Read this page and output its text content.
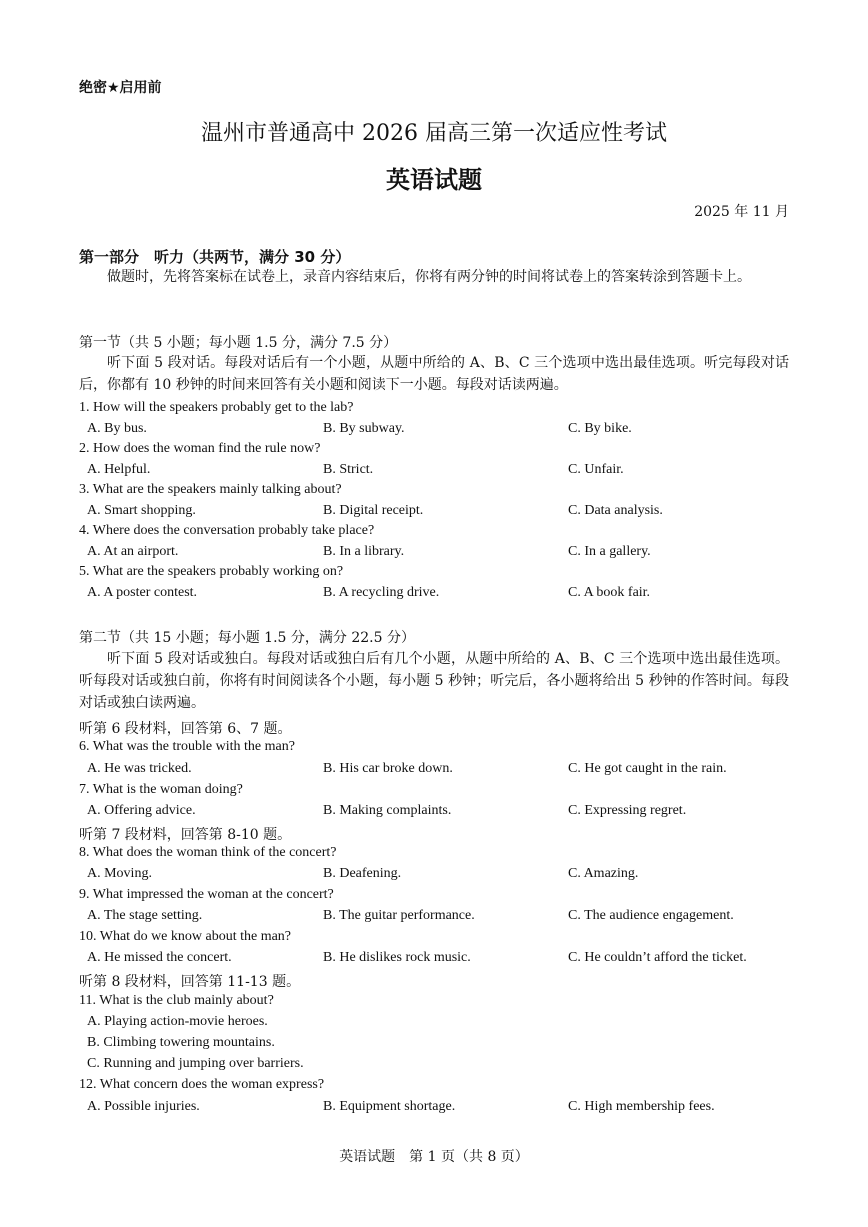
绝密★启用前
温州市普通高中 2026 届高三第一次适应性考试
英语试题
2025 年 11 月
第一部分　听力（共两节，满分 30 分）
做题时，先将答案标在试卷上，录音内容结束后，你将有两分钟的时间将试卷上的答案转涂到答题卡上。
第一节（共 5 小题；每小题 1.5 分，满分 7.5 分）
听下面 5 段对话。每段对话后有一个小题，从题中所给的 A、B、C 三个选项中选出最佳选项。听完每段对话后，你都有 10 秒钟的时间来回答有关小题和阅读下一小题。每段对话读两遍。
1. How will the speakers probably get to the lab?
A. By bus.	B. By subway.	C. By bike.
2. How does the woman find the rule now?
A. Helpful.	B. Strict.	C. Unfair.
3. What are the speakers mainly talking about?
A. Smart shopping.	B. Digital receipt.	C. Data analysis.
4. Where does the conversation probably take place?
A. At an airport.	B. In a library.	C. In a gallery.
5. What are the speakers probably working on?
A. A poster contest.	B. A recycling drive.	C. A book fair.
第二节（共 15 小题；每小题 1.5 分，满分 22.5 分）
听下面 5 段对话或独白。每段对话或独白后有几个小题，从题中所给的 A、B、C 三个选项中选出最佳选项。听每段对话或独白前，你将有时间阅读各个小题，每小题 5 秒钟；听完后，各小题将给出 5 秒钟的作答时间。每段对话或独白读两遍。
听第 6 段材料，回答第 6、7 题。
6. What was the trouble with the man?
A. He was tricked.	B. His car broke down.	C. He got caught in the rain.
7. What is the woman doing?
A. Offering advice.	B. Making complaints.	C. Expressing regret.
听第 7 段材料，回答第 8-10 题。
8. What does the woman think of the concert?
A. Moving.	B. Deafening.	C. Amazing.
9. What impressed the woman at the concert?
A. The stage setting.	B. The guitar performance.	C. The audience engagement.
10. What do we know about the man?
A. He missed the concert.	B. He dislikes rock music.	C. He couldn’t afford the ticket.
听第 8 段材料，回答第 11-13 题。
11. What is the club mainly about?
A. Playing action-movie heroes.
B. Climbing towering mountains.
C. Running and jumping over barriers.
12. What concern does the woman express?
A. Possible injuries.	B. Equipment shortage.	C. High membership fees.
英语试题　第 1 页（共 8 页）
